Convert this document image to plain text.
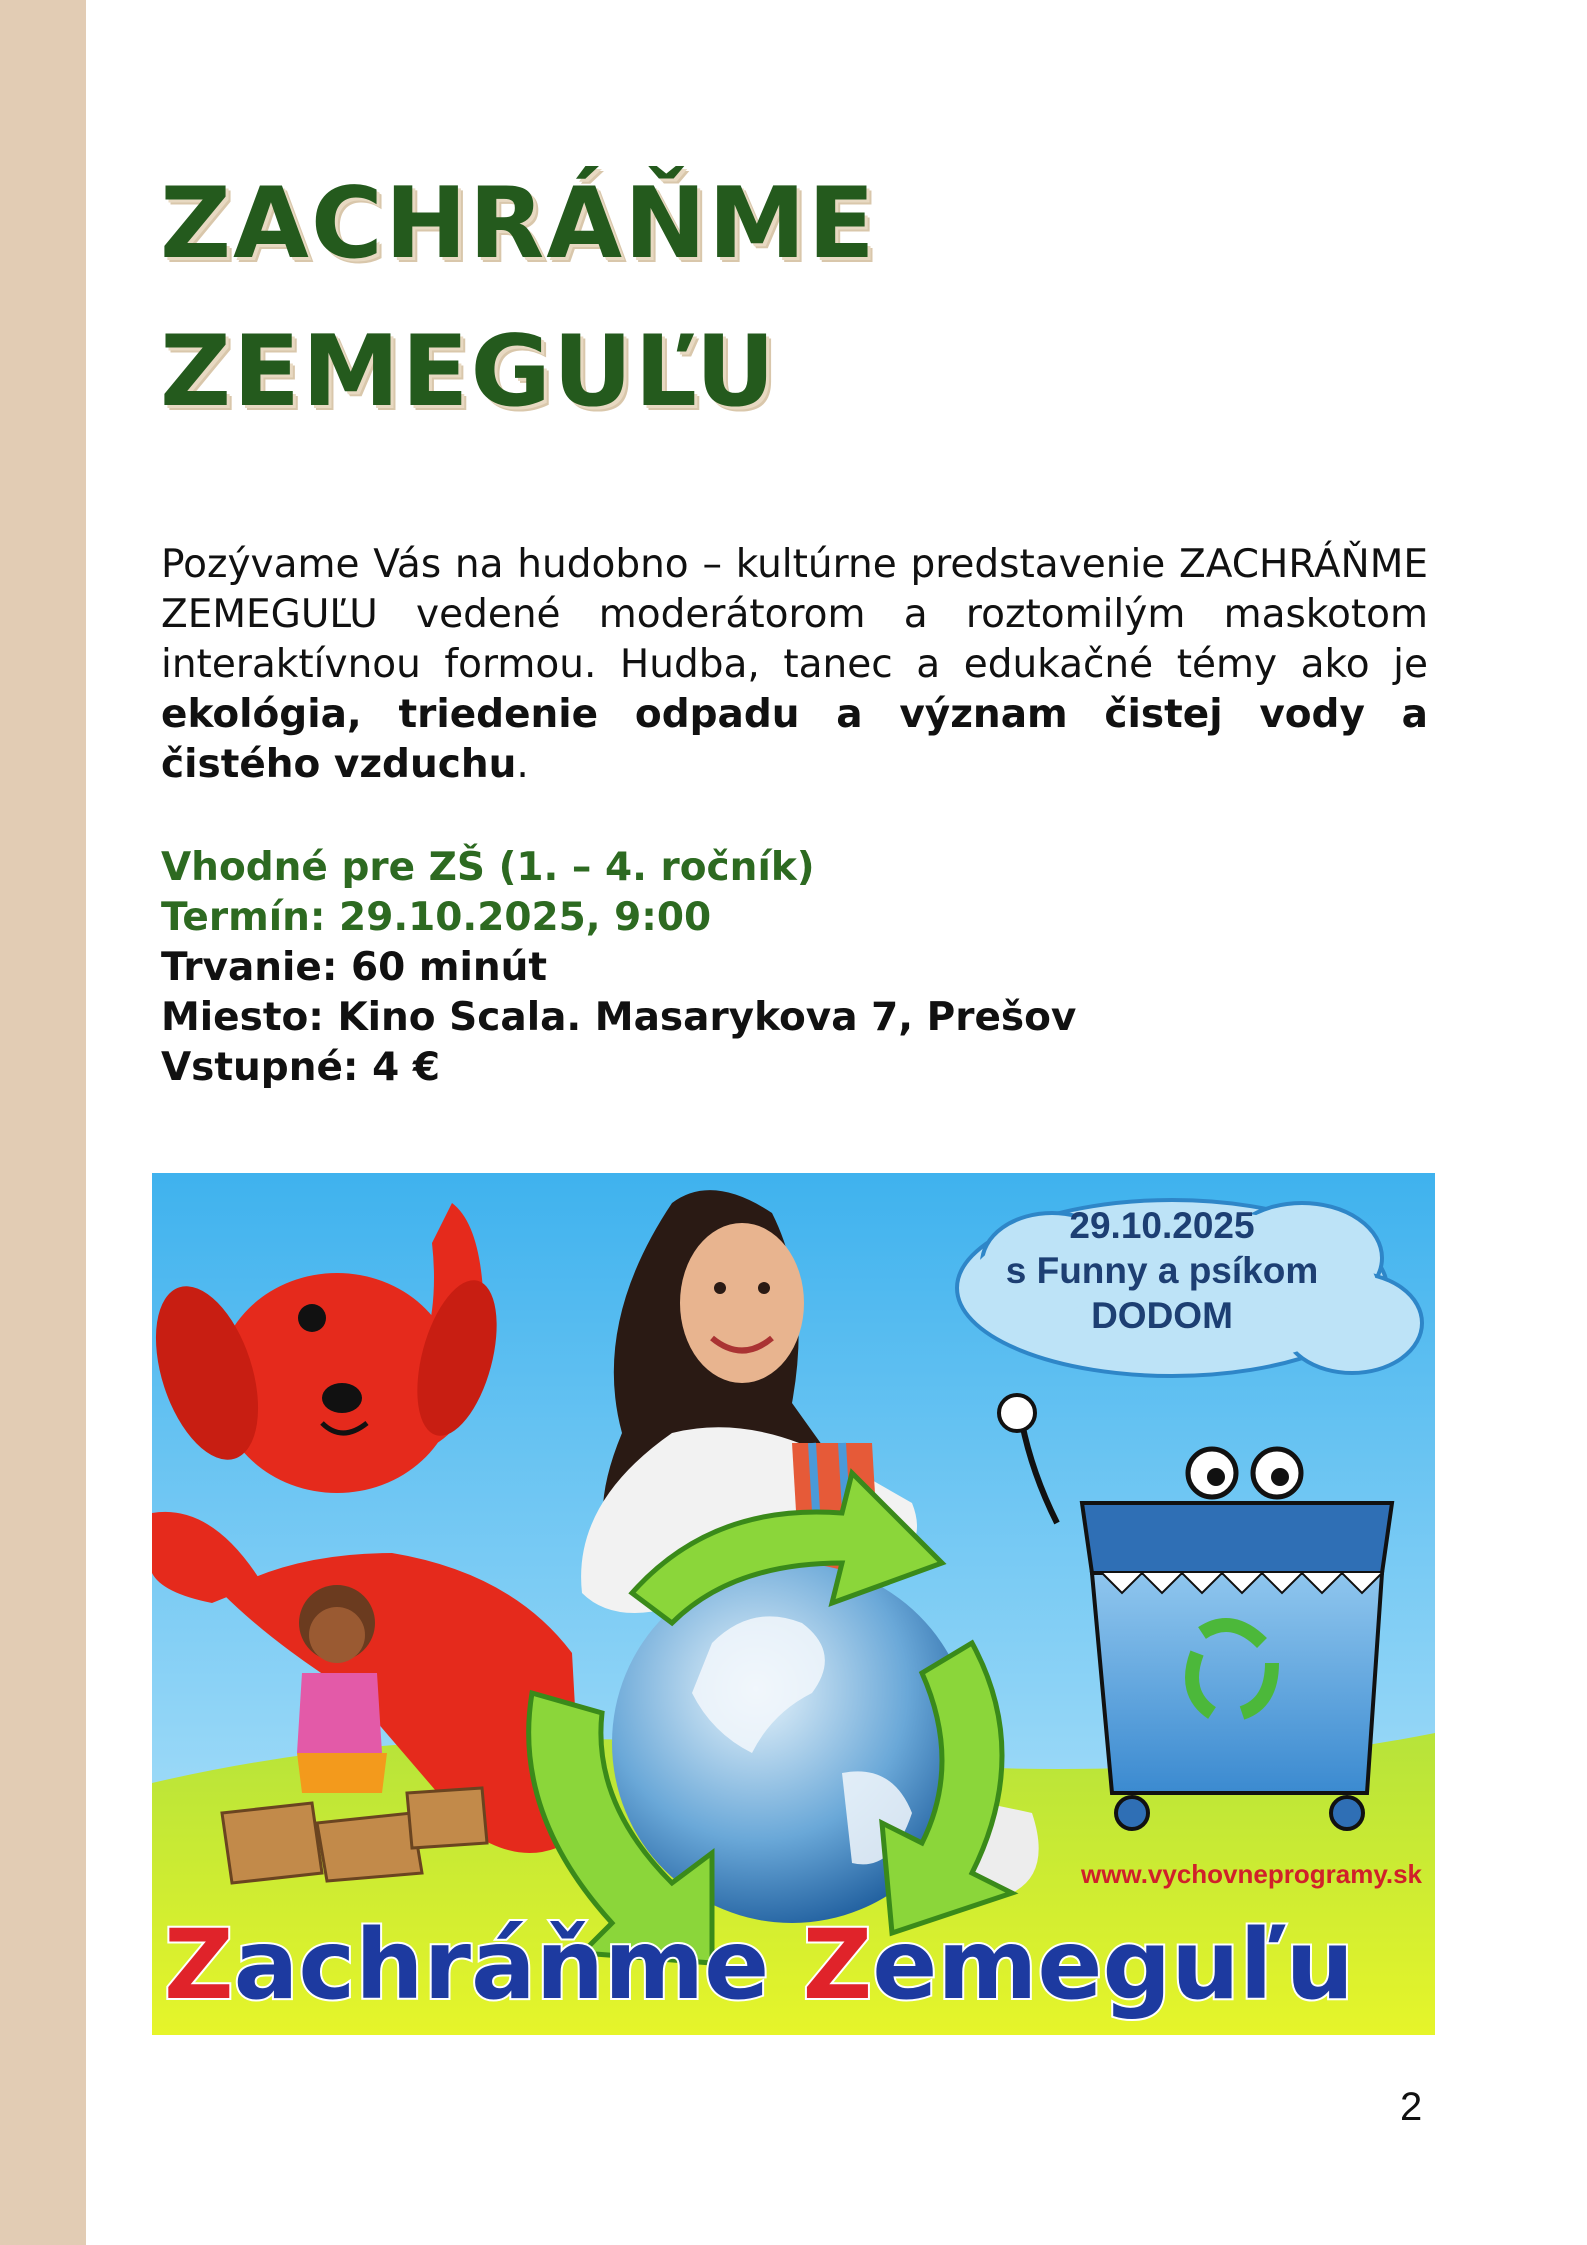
ZACHRÁŇME
ZEMEGUĽU

Pozývame Vás na hudobno – kultúrne predstavenie ZACHRÁŇME ZEMEGUĽU vedené moderátorom a roztomilým maskotom interaktívnou formou. Hudba, tanec a edukačné témy ako je ekológia, triedenie odpadu a význam čistej vody a čistého vzduchu.

Vhodné pre ZŠ (1. – 4. ročník)
Termín: 29.10.2025, 9:00
Trvanie: 60 minút
Miesto: Kino Scala. Masarykova 7, Prešov
Vstupné: 4 €
29.10.2025
s Funny a psíkom
DODOM
www.vychovneprogramy.sk
Zachráňme Zemeguľu
2
